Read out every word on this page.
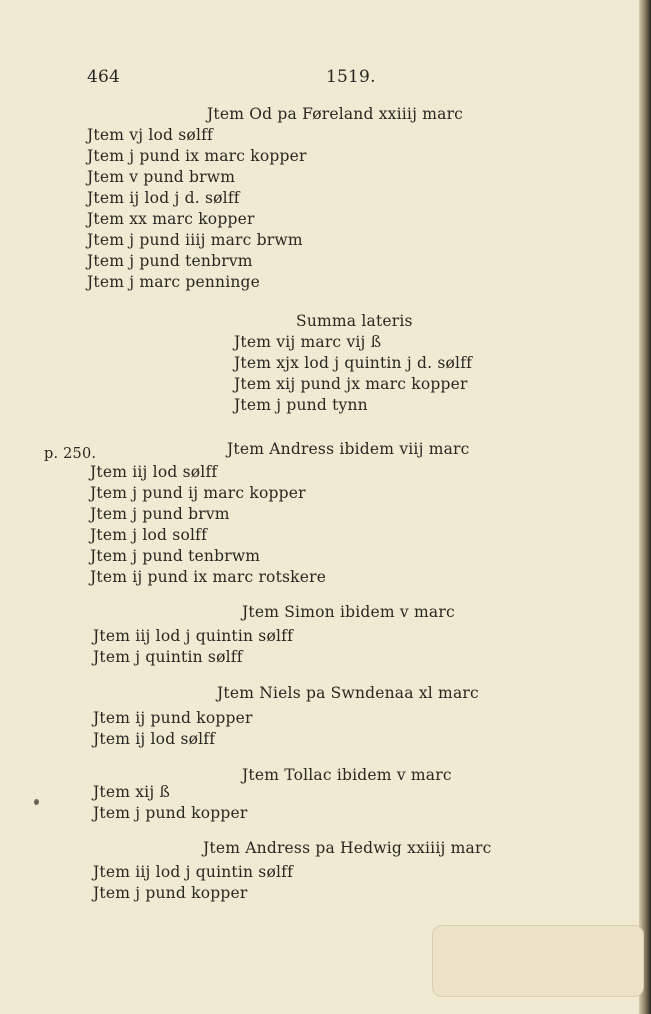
464	1519.
p. 250.
Jtem Od pa Føreland xxiiij marc
Jtem vj lod sølff
Jtem j pund ix marc kopper
Jtem v pund brwm
Jtem ij lod j d. sølff
Jtem xx marc kopper
Jtem j pund iiij marc brwm
Jtem j pund tenbrvm
Jtem j marc penninge
Summa lateris
Jtem vij marc vij ß
Jtem xjx lod j quintin j d. sølff
Jtem xij pund jx marc kopper
Jtem j pund tynn
Jtem Andress ibidem viij marc
Jtem iij lod sølff
Jtem j pund ij marc kopper
Jtem j pund brvm
Jtem j lod solff
Jtem j pund tenbrwm
Jtem ij pund ix marc rotskere
Jtem Simon ibidem v marc
Jtem iij lod j quintin sølff
Jtem j quintin sølff
Jtem Niels pa Swndenaa xl marc
Jtem ij pund kopper
Jtem ij lod sølff
Jtem Tollac ibidem v marc
Jtem xij ß
Jtem j pund kopper
Jtem Andress pa Hedwig xxiiij marc
Jtem iij lod j quintin sølff
Jtem j pund kopper
